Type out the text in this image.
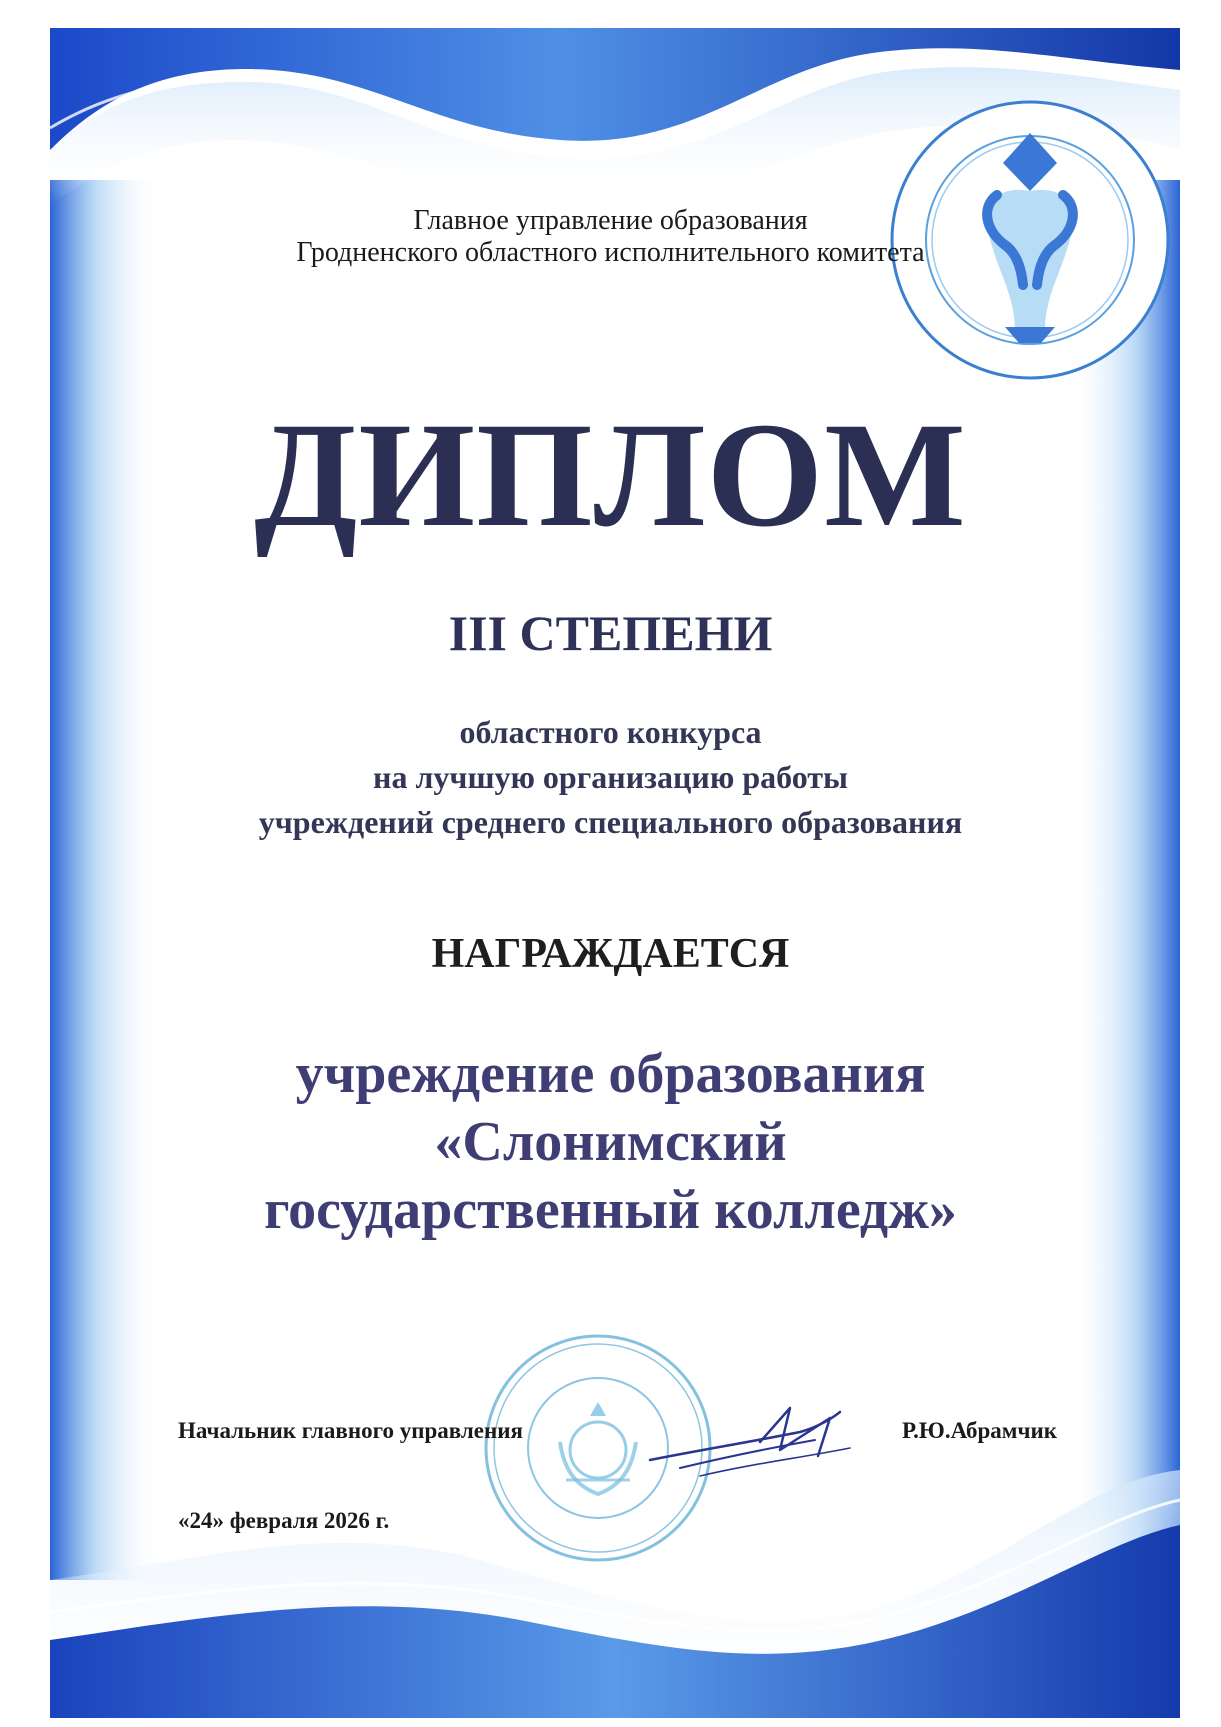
Главное управление образования
Гродненского областного исполнительного комитета

ДИПЛОМ
III СТЕПЕНИ

областного конкурса
на лучшую организацию работы
учреждений среднего специального образования

НАГРАЖДАЕТСЯ

учреждение образования
«Слонимский
государственный колледж»

Начальник главного управления	Р.Ю.Абрамчик
«24» февраля 2026 г.
